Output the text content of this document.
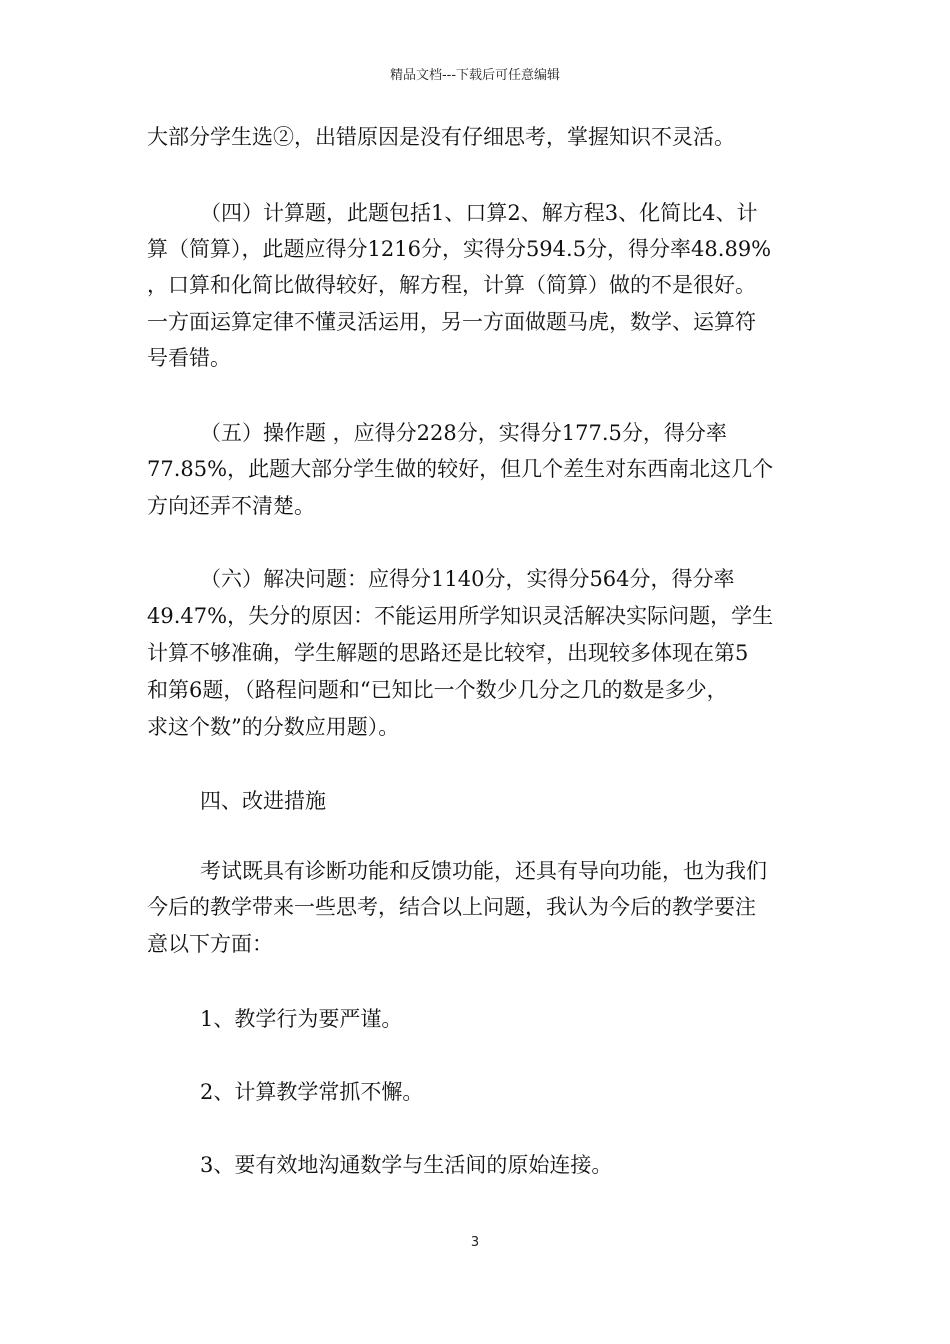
精品文档---下载后可任意编辑
大部分学生选②，出错原因是没有仔细思考，掌握知识不灵活。
（四）计算题，此题包括1、口算2、解方程3、化简比4、计
算（简算），此题应得分1216分，实得分594.5分，得分率48.89%
，口算和化简比做得较好，解方程，计算（简算）做的不是很好。
一方面运算定律不懂灵活运用，另一方面做题马虎，数学、运算符
号看错。
（五）操作题 ，应得分228分，实得分177.5分，得分率
77.85%，此题大部分学生做的较好，但几个差生对东西南北这几个
方向还弄不清楚。
（六）解决问题：应得分1140分，实得分564分，得分率
49.47%，失分的原因：不能运用所学知识灵活解决实际问题，学生
计算不够准确，学生解题的思路还是比较窄，出现较多体现在第5
和第6题，（路程问题和“已知比一个数少几分之几的数是多少，
求这个数”的分数应用题）。
四、改进措施
考试既具有诊断功能和反馈功能，还具有导向功能，也为我们
今后的教学带来一些思考，结合以上问题，我认为今后的教学要注
意以下方面：
1、教学行为要严谨。
2、计算教学常抓不懈。
3、要有效地沟通数学与生活间的原始连接。
3
